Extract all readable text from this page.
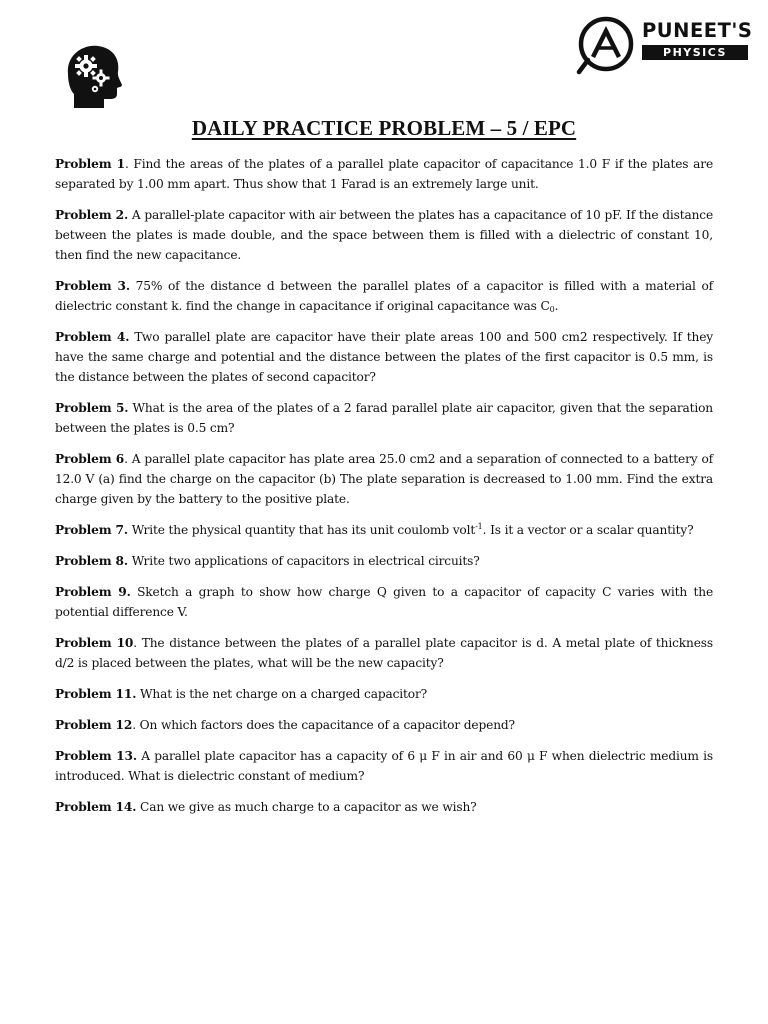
PUNEET'S
PHYSICS
DAILY PRACTICE PROBLEM – 5 / EPC

Problem 1. Find the areas of the plates of a parallel plate capacitor of capacitance 1.0 F if the plates are separated by 1.00 mm apart. Thus show that 1 Farad is an extremely large unit.

Problem 2. A parallel-plate capacitor with air between the plates has a capacitance of 10 pF. If the distance between the plates is made double, and the space between them is filled with a dielectric of constant 10, then find the new capacitance.

Problem 3. 75% of the distance d between the parallel plates of a capacitor is filled with a material of dielectric constant k. find the change in capacitance if original capacitance was $C_0$.

Problem 4. Two parallel plate are capacitor have their plate areas 100 and 500 cm2 respectively. If they have the same charge and potential and the distance between the plates of the first capacitor is 0.5 mm, is the distance between the plates of second capacitor?

Problem 5. What is the area of the plates of a 2 farad parallel plate air capacitor, given that the separation between the plates is 0.5 cm?

Problem 6. A parallel plate capacitor has plate area 25.0 cm2 and a separation of connected to a battery of 12.0 V (a) find the charge on the capacitor (b) The plate separation is decreased to 1.00 mm. Find the extra charge given by the battery to the positive plate.

Problem 7. Write the physical quantity that has its unit coulomb volt$^{-1}$. Is it a vector or a scalar quantity?

Problem 8. Write two applications of capacitors in electrical circuits?

Problem 9. Sketch a graph to show how charge Q given to a capacitor of capacity C varies with the potential difference V.

Problem 10. The distance between the plates of a parallel plate capacitor is d. A metal plate of thickness d/2 is placed between the plates, what will be the new capacity?

Problem 11. What is the net charge on a charged capacitor?

Problem 12. On which factors does the capacitance of a capacitor depend?

Problem 13. A parallel plate capacitor has a capacity of 6 μ F in air and 60 μ F when dielectric medium is introduced. What is dielectric constant of medium?

Problem 14. Can we give as much charge to a capacitor as we wish?
